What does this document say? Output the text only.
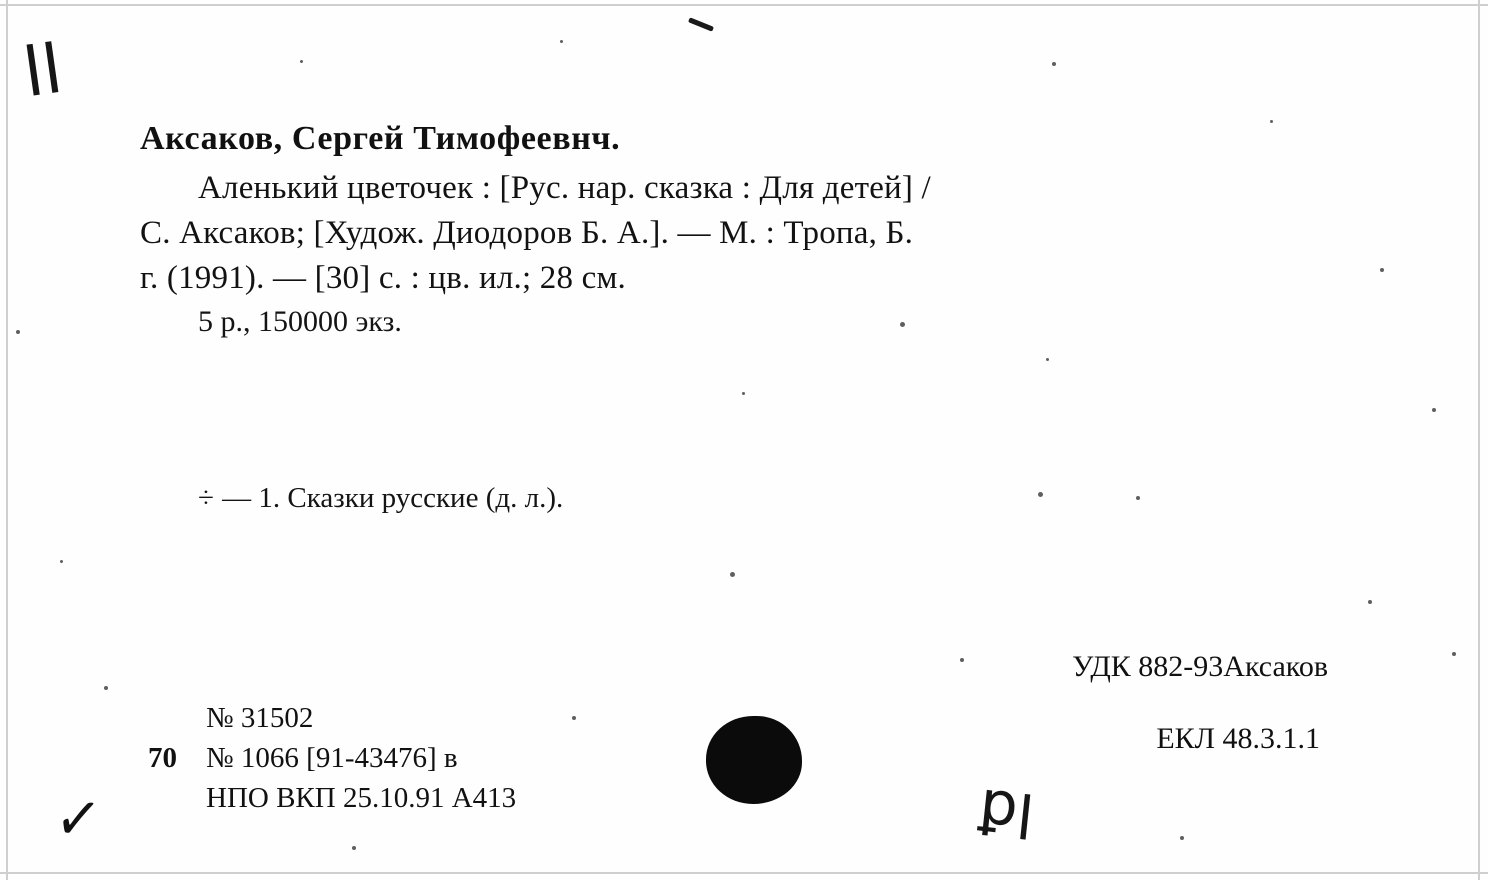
ꞁꞁ
Аксаков, Сергей Тимофеевнч.
Аленький цветочек : [Рус. нар. сказка : Для детей] /
С. Аксаков; [Худож. Диодоров Б. А.]. — М. : Тропа, Б.
г. (1991). — [30] с. : цв. ил.; 28 см.
5 р., 150000 экз.
÷ — 1. Сказки русские (д. л.).
УДК 882-93Аксаков
ЕКЛ 48.3.1.1
№ 31502
70	№ 1066 [91-43476] в
НПО ВКП 25.10.91 А413	ꝑꞁ
✓
